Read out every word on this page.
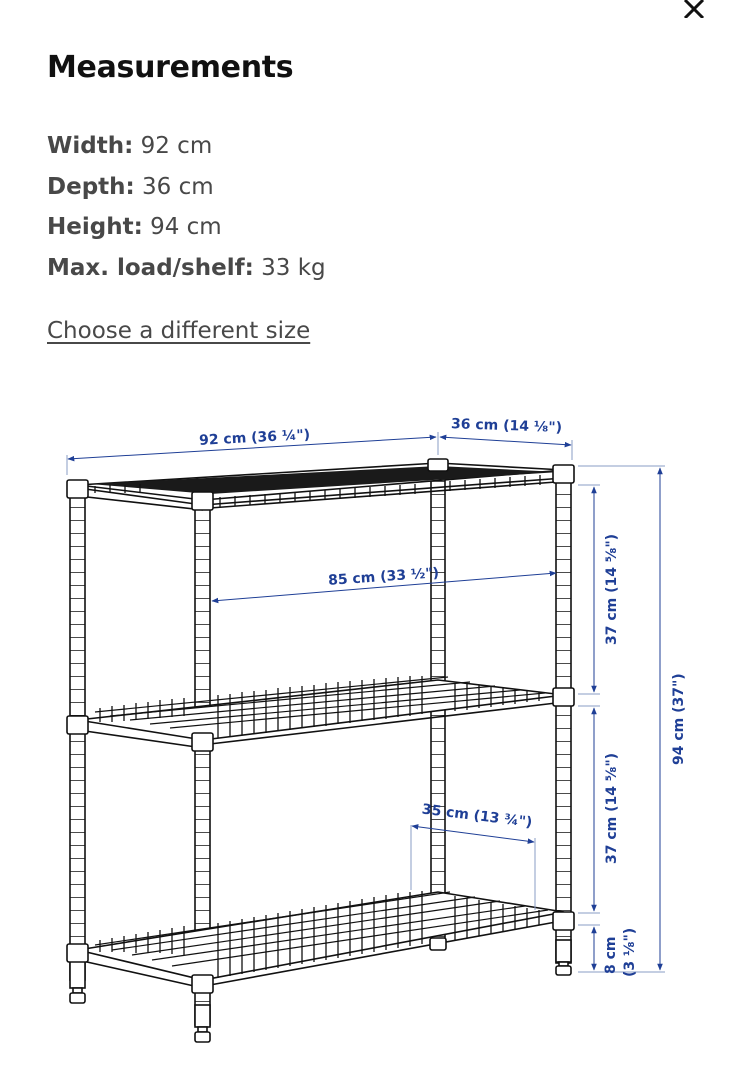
Measurements
Width: 92 cm
Depth: 36 cm
Height: 94 cm
Max. load/shelf: 33 kg
Choose a different size
92 cm (36 ¼")
36 cm (14 ⅛")
85 cm (33 ½")
35 cm (13 ¾")
37 cm (14 ⅝")
37 cm (14 ⅝")
94 cm (37")
8 cm (3 ⅛")
